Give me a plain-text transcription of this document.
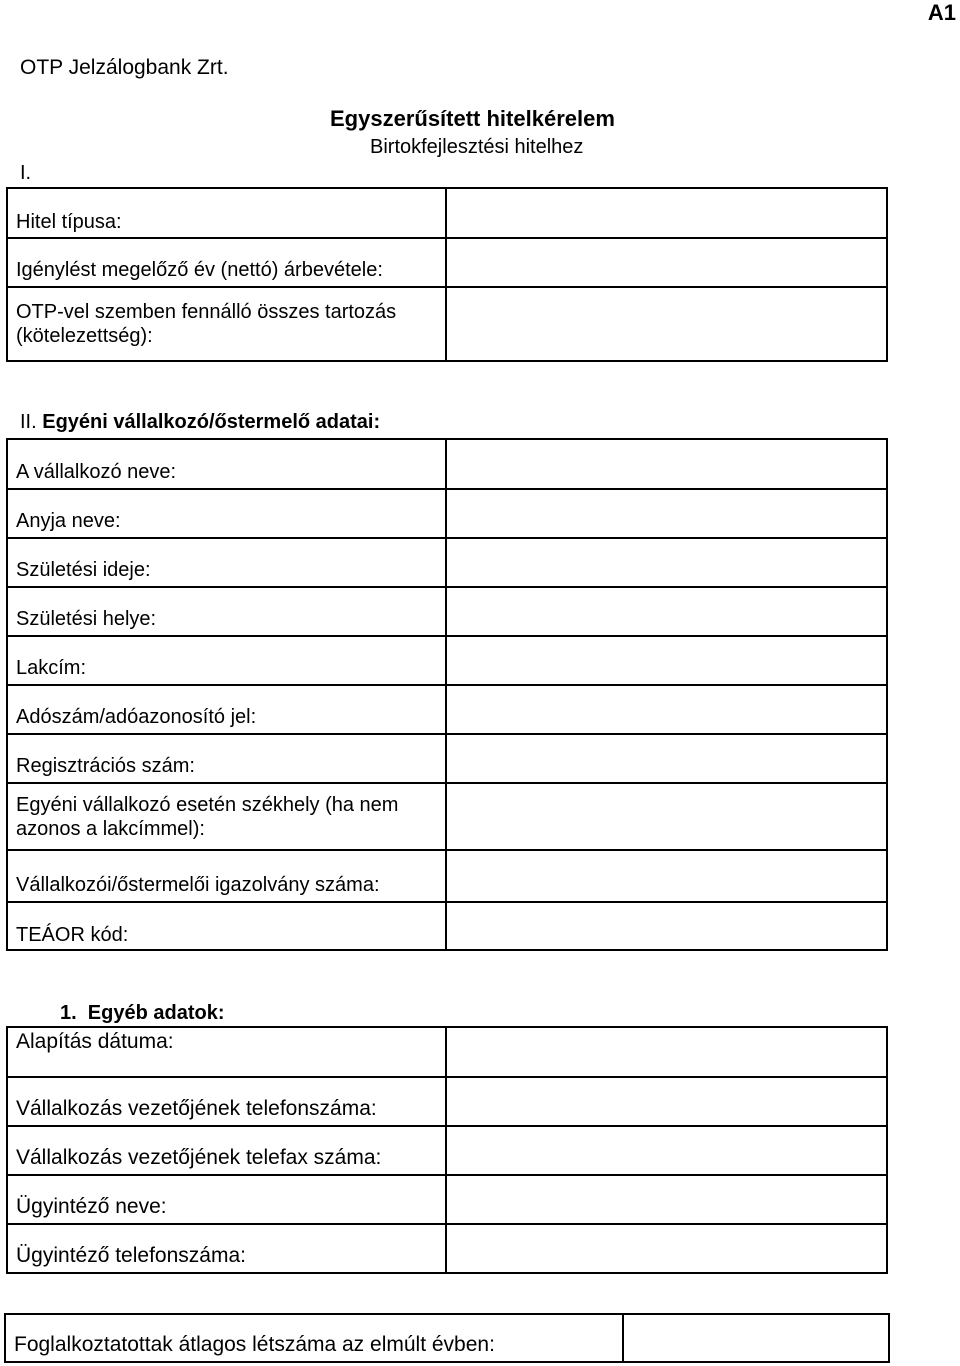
A1
OTP Jelzálogbank Zrt.
Egyszerűsített hitelkérelem
Birtokfejlesztési hitelhez
I.
Hitel típusa:	
Igénylést megelőző év (nettó) árbevétele:	
OTP-vel szemben fennálló összes tartozás (kötelezettség):	
II. Egyéni vállalkozó/őstermelő adatai:
A vállalkozó neve:	
Anyja neve:	
Születési ideje:	
Születési helye:	
Lakcím:	
Adószám/adóazonosító jel:	
Regisztrációs szám:	
Egyéni vállalkozó esetén székhely (ha nem azonos a lakcímmel):	
Vállalkozói/őstermelői igazolvány száma:	
TEÁOR kód:	
1.  Egyéb adatok:
Alapítás dátuma:	
Vállalkozás vezetőjének telefonszáma:	
Vállalkozás vezetőjének telefax száma:	
Ügyintéző neve:	
Ügyintéző telefonszáma:	
Foglalkoztatottak átlagos létszáma az elmúlt évben:	
